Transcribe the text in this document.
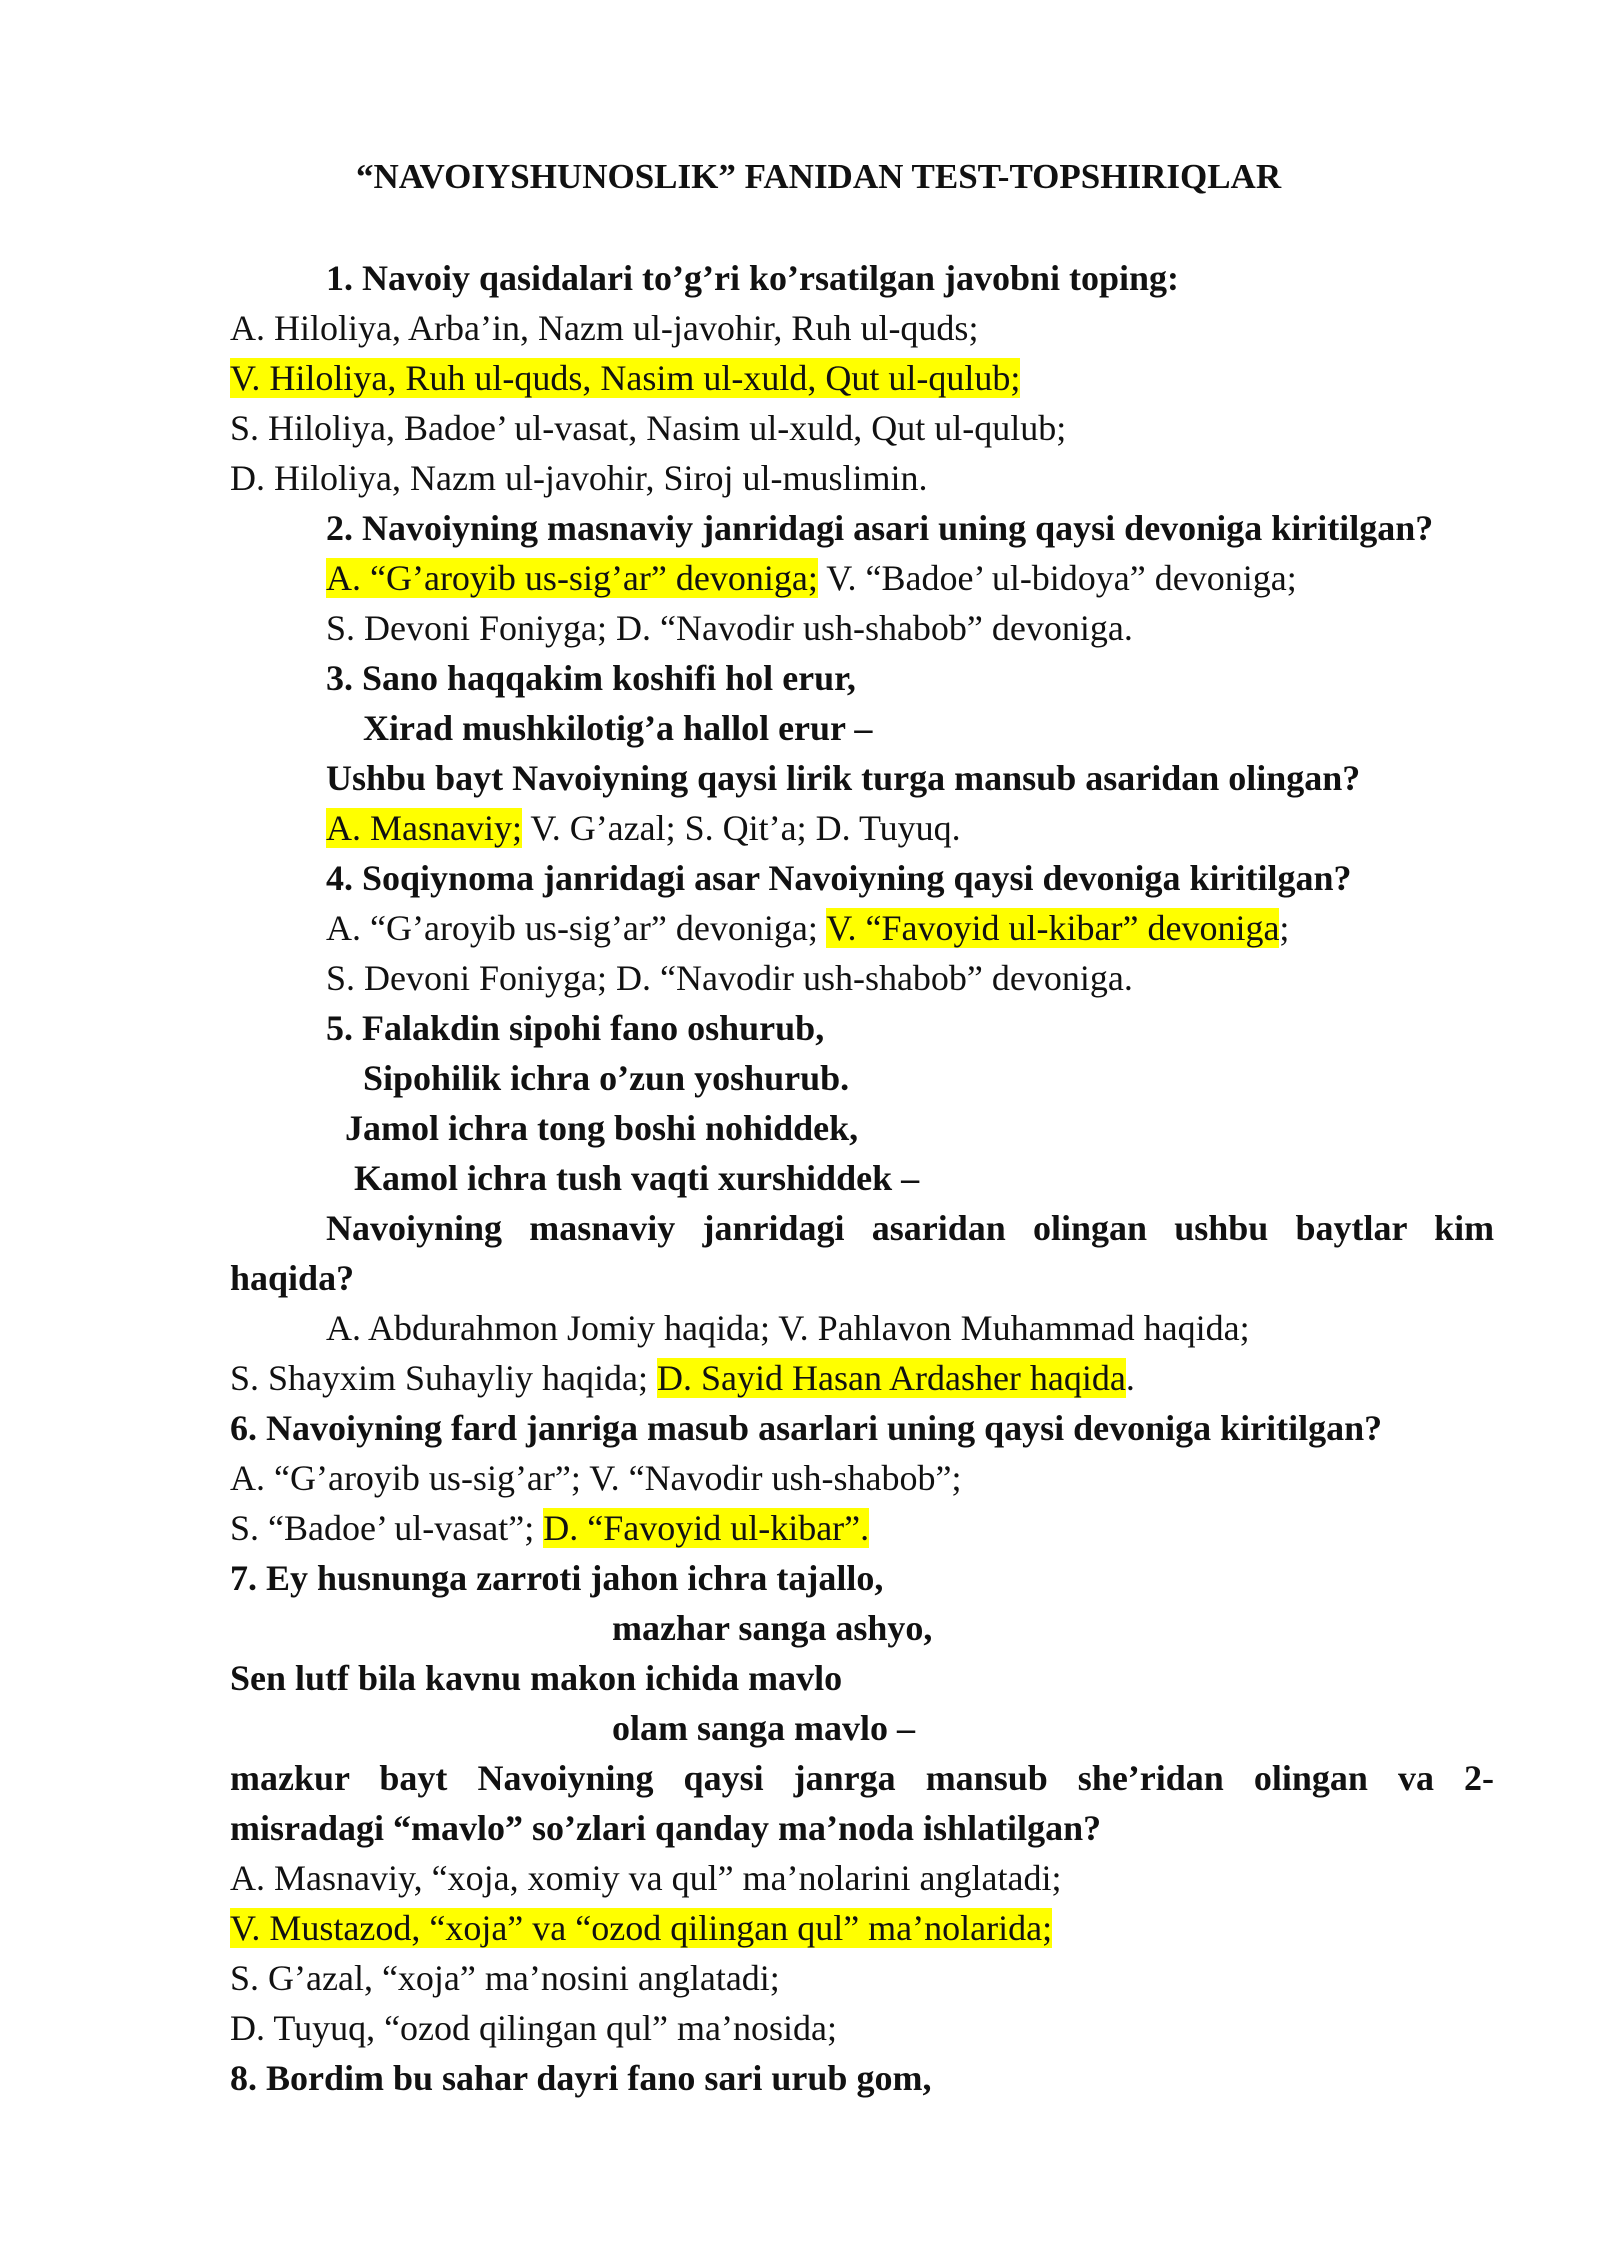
“NAVOIYSHUNOSLIK” FANIDAN TEST-TOPSHIRIQLAR
1. Navoiy qasidalari to’g’ri ko’rsatilgan javobni toping:
A. Hiloliya, Arba’in, Nazm ul-javohir, Ruh ul-quds;
V. Hiloliya, Ruh ul-quds, Nasim ul-xuld, Qut ul-qulub;
S. Hiloliya, Badoe’ ul-vasat, Nasim ul-xuld, Qut ul-qulub;
D. Hiloliya, Nazm ul-javohir, Siroj ul-muslimin.
2. Navoiyning masnaviy janridagi asari uning qaysi devoniga kiritilgan?
A. “G’aroyib us-sig’ar” devoniga; V. “Badoe’ ul-bidoya” devoniga;
S. Devoni Foniyga; D. “Navodir ush-shabob” devoniga.
3. Sano haqqakim koshifi hol erur,
Xirad mushkilotig’a hallol erur –
Ushbu bayt Navoiyning qaysi lirik turga mansub asaridan olingan?
A. Masnaviy; V. G’azal; S. Qit’a; D. Tuyuq.
4. Soqiynoma janridagi asar Navoiyning qaysi devoniga kiritilgan?
A. “G’aroyib us-sig’ar” devoniga; V. “Favoyid ul-kibar” devoniga;
S. Devoni Foniyga; D. “Navodir ush-shabob” devoniga.
5. Falakdin sipohi fano oshurub,
Sipohilik ichra o’zun yoshurub.
Jamol ichra tong boshi nohiddek,
Kamol ichra tush vaqti xurshiddek –
Navoiyning masnaviy janridagi asaridan olingan ushbu baytlar kim
haqida?
A. Abdurahmon Jomiy haqida; V. Pahlavon Muhammad haqida;
S. Shayxim Suhayliy haqida; D. Sayid Hasan Ardasher haqida.
6. Navoiyning fard janriga masub asarlari uning qaysi devoniga kiritilgan?
A. “G’aroyib us-sig’ar”; V. “Navodir ush-shabob”;
S. “Badoe’ ul-vasat”; D. “Favoyid ul-kibar”.
7. Ey husnunga zarroti jahon ichra tajallo,
mazhar sanga ashyo,
Sen lutf bila kavnu makon ichida mavlo
olam sanga mavlo –
mazkur bayt Navoiyning qaysi janrga mansub she’ridan olingan va 2-
misradagi “mavlo” so’zlari qanday ma’noda ishlatilgan?
A. Masnaviy, “xoja, xomiy va qul” ma’nolarini anglatadi;
V. Mustazod, “xoja” va “ozod qilingan qul” ma’nolarida;
S. G’azal, “xoja” ma’nosini anglatadi;
D. Tuyuq, “ozod qilingan qul” ma’nosida;
8. Bordim bu sahar dayri fano sari urub gom,
